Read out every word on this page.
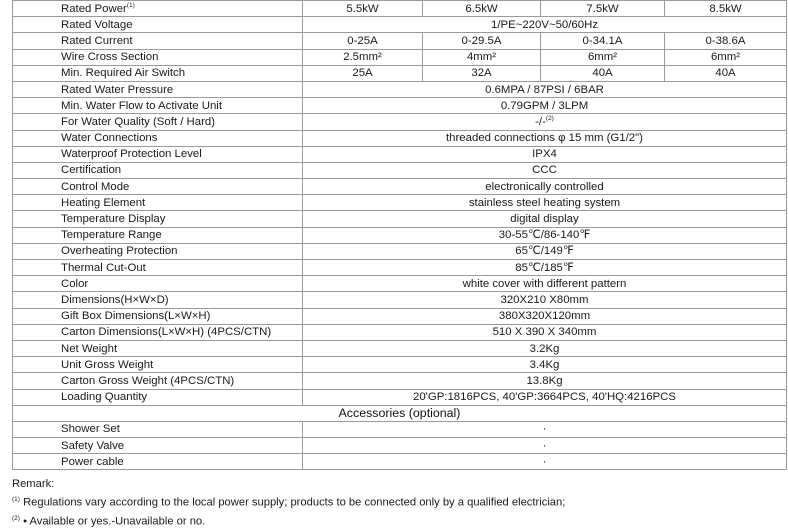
Rated Power$^{(1)}$	5.5kW	6.5kW	7.5kW	8.5kW
Rated Voltage	1/PE~220V~50/60Hz			
Rated Current	0-25A	0-29.5A	0-34.1A	0-38.6A
Wire Cross Section	2.5mm²	4mm²	6mm²	6mm²
Min. Required Air Switch	25A	32A	40A	40A
Rated Water Pressure	0.6MPA / 87PSI / 6BAR			
Min. Water Flow to Activate Unit	0.79GPM / 3LPM			
For Water Quality (Soft / Hard)	-/-$^{(2)}$
Water Connections	threaded connections φ 15 mm (G1/2")			
Waterproof Protection Level	IPX4			
Certification	CCC			
Control Mode	electronically controlled			
Heating Element	stainless steel heating system			
Temperature Display	digital display			
Temperature Range	30-55℃/86-140℉			
Overheating Protection	65℃/149℉			
Thermal Cut-Out	85℃/185℉			
Color	white cover with different pattern			
Dimensions(H×W×D)	320X210 X80mm			
Gift Box Dimensions(L×W×H)	380X320X120mm			
Carton Dimensions(L×W×H) (4PCS/CTN)	510 X 390 X 340mm			
Net Weight	3.2Kg			
Unit Gross Weight	3.4Kg			
Carton Gross Weight (4PCS/CTN)	13.8Kg			
Loading Quantity	20'GP:1816PCS, 40'GP:3664PCS, 40'HQ:4216PCS			
Accessories (optional)				
Shower Set	·			
Safety Valve	·			
Power cable	·			
Remark:
$^{(1)}$ Regulations vary according to the local power supply; products to be connected only by a qualified electrician;
$^{(2)}$ • Available or yes.-Unavailable or no.
